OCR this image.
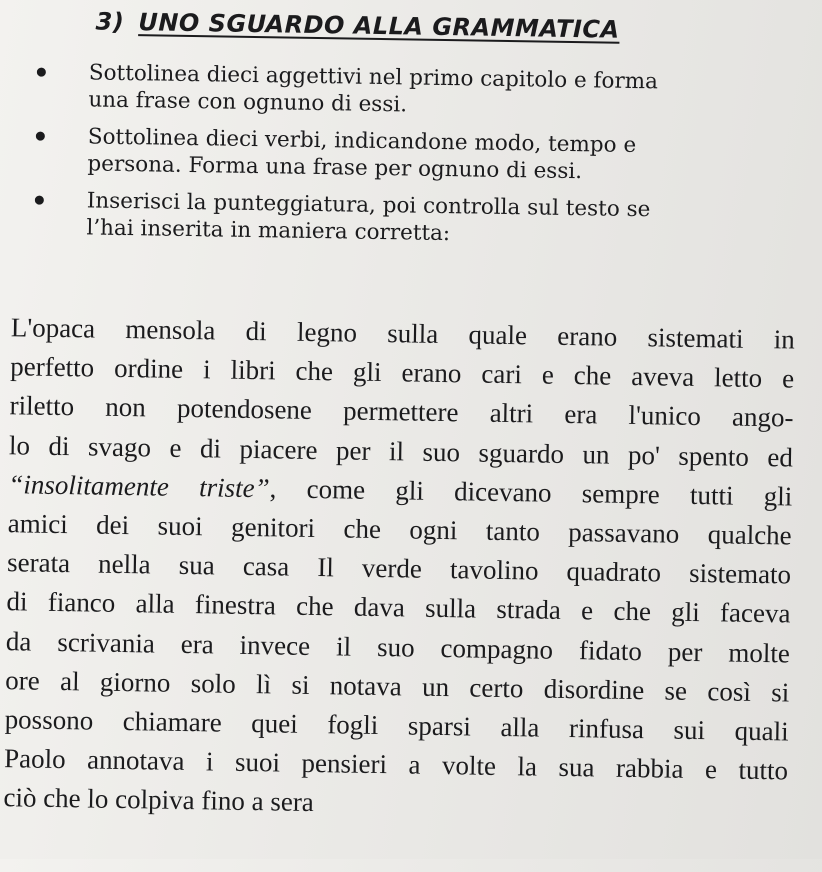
3) UNO SGUARDO ALLA GRAMMATICA
Sottolinea dieci aggettivi nel primo capitolo e forma
una frase con ognuno di essi.
Sottolinea dieci verbi, indicandone modo, tempo e
persona. Forma una frase per ognuno di essi.
Inserisci la punteggiatura, poi controlla sul testo se
l’hai inserita in maniera corretta:
L'opaca mensola di legno sulla quale erano sistemati in
perfetto ordine i libri che gli erano cari e che aveva letto e
riletto non potendosene permettere altri era l'unico ango-
lo di svago e di piacere per il suo sguardo un po' spento ed
“insolitamente triste”, come gli dicevano sempre tutti gli
amici dei suoi genitori che ogni tanto passavano qualche
serata nella sua casa Il verde tavolino quadrato sistemato
di fianco alla finestra che dava sulla strada e che gli faceva
da scrivania era invece il suo compagno fidato per molte
ore al giorno solo lì si notava un certo disordine se così si
possono chiamare quei fogli sparsi alla rinfusa sui quali
Paolo annotava i suoi pensieri a volte la sua rabbia e tutto
ciò che lo colpiva fino a sera
